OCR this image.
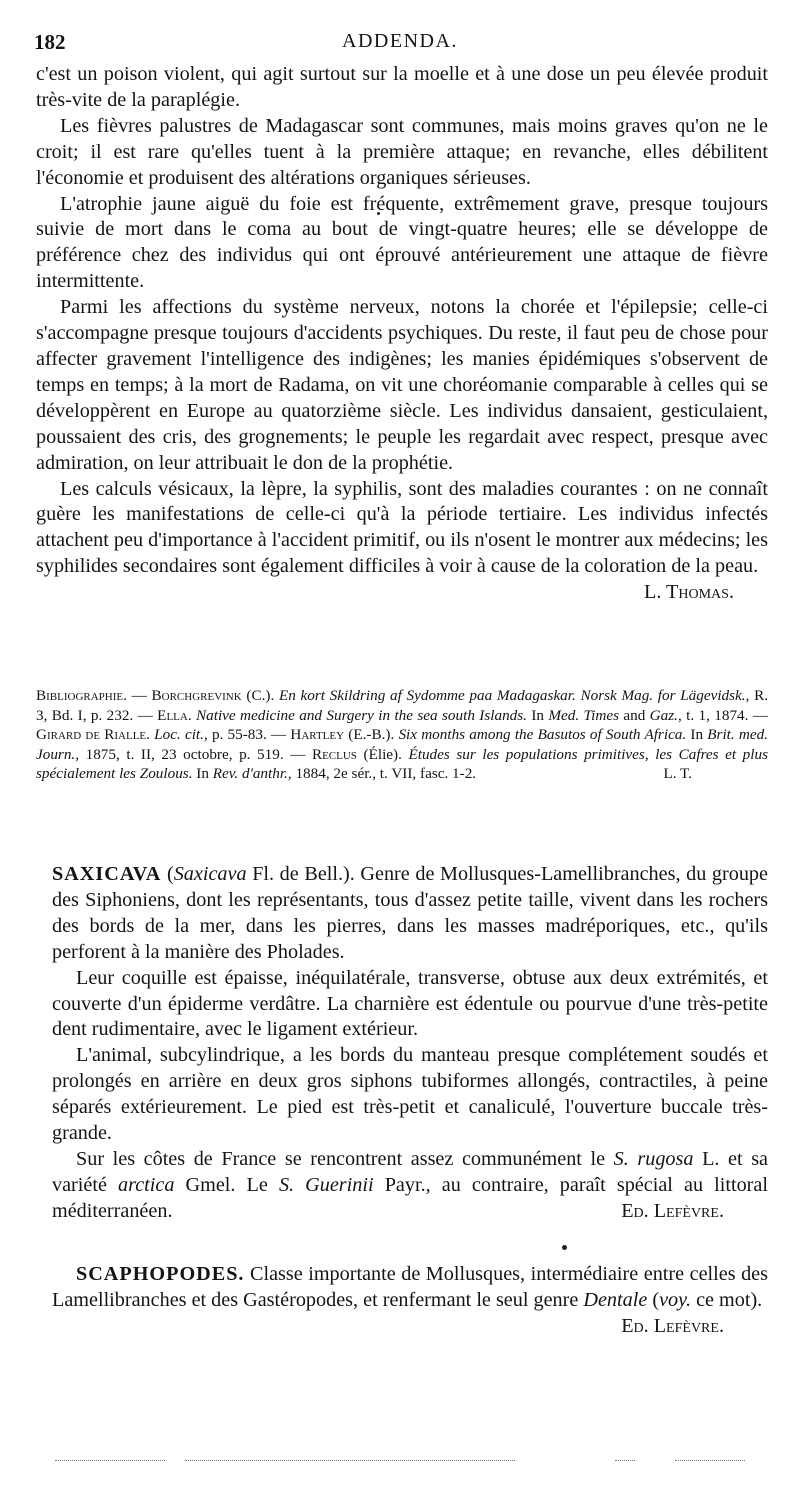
182	ADDENDA.

c'est un poison violent, qui agit surtout sur la moelle et à une dose un peu élevée produit très-vite de la paraplégie.

Les fièvres palustres de Madagascar sont communes, mais moins graves qu'on ne le croit; il est rare qu'elles tuent à la première attaque; en revanche, elles débilitent l'économie et produisent des altérations organiques sérieuses.

L'atrophie jaune aiguë du foie est fréquente, extrêmement grave, presque toujours suivie de mort dans le coma au bout de vingt-quatre heures; elle se développe de préférence chez des individus qui ont éprouvé antérieurement une attaque de fièvre intermittente.

Parmi les affections du système nerveux, notons la chorée et l'épilepsie; celle-ci s'accompagne presque toujours d'accidents psychiques. Du reste, il faut peu de chose pour affecter gravement l'intelligence des indigènes; les manies épidémiques s'observent de temps en temps; à la mort de Radama, on vit une choréomanie comparable à celles qui se développèrent en Europe au quatorzième siècle. Les individus dansaient, gesticulaient, poussaient des cris, des grognements; le peuple les regardait avec respect, presque avec admiration, on leur attribuait le don de la prophétie.

Les calculs vésicaux, la lèpre, la syphilis, sont des maladies courantes : on ne connaît guère les manifestations de celle-ci qu'à la période tertiaire. Les individus infectés attachent peu d'importance à l'accident primitif, ou ils n'osent le montrer aux médecins; les syphilides secondaires sont également difficiles à voir à cause de la coloration de la peau.
L. Thomas.

Bibliographie. — Borchgrevink (C.). En kort Skildring af Sydomme paa Madagaskar. Norsk Mag. for Lägevidsk., R. 3, Bd. I, p. 232. — Ella. Native medicine and Surgery in the sea south Islands. In Med. Times and Gaz., t. 1, 1874. — Girard de Rialle. Loc. cit., p. 55-83. — Hartley (E.-B.). Six months among the Basutos of South Africa. In Brit. med. Journ., 1875, t. II, 23 octobre, p. 519. — Reclus (Élie). Études sur les populations primitives, les Cafres et plus spécialement les Zoulous. In Rev. d'anthr., 1884, 2e sér., t. VII, fasc. 1-2.	L. T.

SAXICAVA (Saxicava Fl. de Bell.). Genre de Mollusques-Lamellibranches, du groupe des Siphoniens, dont les représentants, tous d'assez petite taille, vivent dans les rochers des bords de la mer, dans les pierres, dans les masses madréporiques, etc., qu'ils perforent à la manière des Pholades.

Leur coquille est épaisse, inéquilatérale, transverse, obtuse aux deux extrémités, et couverte d'un épiderme verdâtre. La charnière est édentule ou pourvue d'une très-petite dent rudimentaire, avec le ligament extérieur.

L'animal, subcylindrique, a les bords du manteau presque complétement soudés et prolongés en arrière en deux gros siphons tubiformes allongés, contractiles, à peine séparés extérieurement. Le pied est très-petit et canaliculé, l'ouverture buccale très-grande.

Sur les côtes de France se rencontrent assez communément le S. rugosa L. et sa variété arctica Gmel. Le S. Guerinii Payr., au contraire, paraît spécial au littoral méditerranéen.	Ed. Lefèvre.

SCAPHOPODES. Classe importante de Mollusques, intermédiaire entre celles des Lamellibranches et des Gastéropodes, et renfermant le seul genre Dentale (voy. ce mot).
Ed. Lefèvre.
